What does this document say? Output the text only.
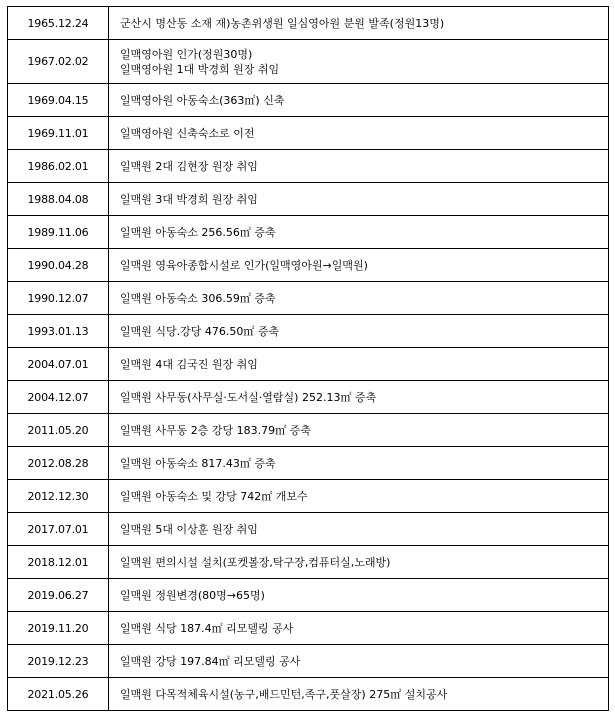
1965.12.24	군산시 명산동 소재 재)농촌위생원 일심영아원 분원 발족(정원13명)

1967.02.02	일맥영아원 인가(정원30명)
일맥영아원 1대 박경희 원장 취임

1969.04.15	일맥영아원 아동숙소(363㎡) 신축

1969.11.01	일맥영아원 신축숙소로 이전

1986.02.01	일맥원 2대 김현장 원장 취임

1988.04.08	일맥원 3대 박경희 원장 취임

1989.11.06	일맥원 아동숙소 256.56㎡ 증축

1990.04.28	일맥원 영육아종합시설로 인가(일맥영아원→일맥원)

1990.12.07	일맥원 아동숙소 306.59㎡ 증축

1993.01.13	일맥원 식당.강당 476.50㎡ 증축

2004.07.01	일맥원 4대 김국진 원장 취임

2004.12.07	일맥원 사무동(사무실·도서실·열람실) 252.13㎡ 증축

2011.05.20	일맥원 사무동 2층 강당 183.79㎡ 증축

2012.08.28	일맥원 아동숙소 817.43㎡ 증축

2012.12.30	일맥원 아동숙소 및 강당 742㎡ 개보수

2017.07.01	일맥원 5대 이상훈 원장 취임

2018.12.01	일맥원 편의시설 설치(포켓볼장,탁구장,컴퓨터실,노래방)

2019.06.27	일맥원 정원변경(80명→65명)

2019.11.20	일맥원 식당 187.4㎡ 리모델링 공사

2019.12.23	일맥원 강당 197.84㎡ 리모델링 공사

2021.05.26	일맥원 다목적체육시설(농구,배드민턴,족구,풋살장) 275㎡ 설치공사
